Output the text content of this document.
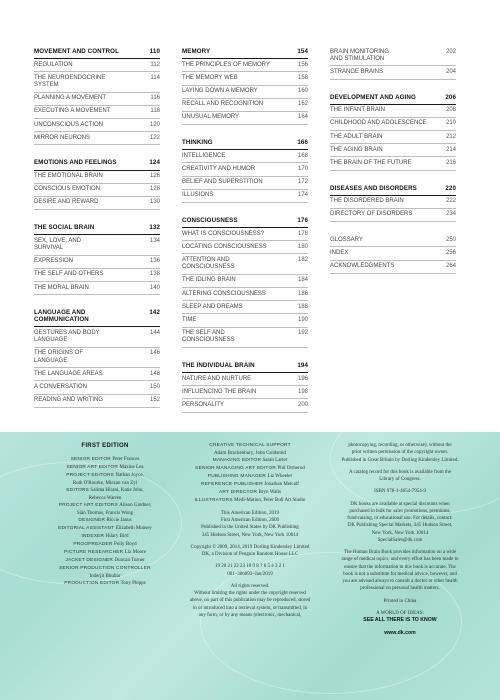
MOVEMENT AND CONTROL	110
REGULATION	112
THE NEUROENDOCRINE
SYSTEM
114
PLANNING A MOVEMENT	116
EXECUTING A MOVEMENT	118
UNCONSCIOUS ACTION	120
MIRROR NEURONS	122
EMOTIONS AND FEELINGS	124
THE EMOTIONAL BRAIN	126
CONSCIOUS EMOTION	128
DESIRE AND REWARD	130
THE SOCIAL BRAIN	132
SEX, LOVE, AND
SURVIVAL
134
EXPRESSION	136
THE SELF AND OTHERS	138
THE MORAL BRAIN	140
LANGUAGE AND
COMMUNICATION
142
GESTURES AND BODY
LANGUAGE
144
THE ORIGINS OF
LANGUAGE
146
THE LANGUAGE AREAS	148
A CONVERSATION	150
READING AND WRITING	152
MEMORY	154
THE PRINCIPLES OF MEMORY	156
THE MEMORY WEB	158
LAYING DOWN A MEMORY	160
RECALL AND RECOGNITION	162
UNUSUAL MEMORY	164
THINKING	166
INTELLIGENCE	168
CREATIVITY AND HUMOR	170
BELIEF AND SUPERSTITION	172
ILLUSIONS	174
CONSCIOUSNESS	176
WHAT IS CONSCIOUSNESS?	178
LOCATING CONSCIOUSNESS	180
ATTENTION AND
CONSCIOUSNESS
182
THE IDLING BRAIN	184
ALTERING CONSCIOUSNESS	186
SLEEP AND DREAMS	188
TIME	190
THE SELF AND
CONSCIOUSNESS
192
THE INDIVIDUAL BRAIN	194
NATURE AND NURTURE	196
INFLUENCING THE BRAIN	198
PERSONALITY	200
BRAIN MONITORING
AND STIMULATION
202
STRANGE BRAINS	204
DEVELOPMENT AND AGING	206
THE INFANT BRAIN	208
CHILDHOOD AND ADOLESCENCE	210
THE ADULT BRAIN	212
THE AGING BRAIN	214
THE BRAIN OF THE FUTURE	216
DISEASES AND DISORDERS	220
THE DISORDERED BRAIN	222
DIRECTORY OF DISORDERS	234
GLOSSARY	250
INDEX	256
ACKNOWLEDGMENTS	264
FIRST EDITION
SENIOR EDITOR Peter Frances
SENIOR ART EDITOR Maxine Lea
PROJECT EDITORS Nathan Joyce,
Ruth O'Rourke, Miezan van Zyl
EDITORS Salima Hirani, Katie John,
Rebecca Warren
PROJECT ART EDITORS Alison Gardner,
Siân Thomas, Francis Wong
DESIGNER Riccie Janus
EDITORIAL ASSISTANT Elizabeth Munsey
INDEXER Hilary Bird
PROOFREADER Polly Boyd
PICTURE RESEARCHER Liz Moore
JACKET DESIGNER Duncan Turner
SENIOR PRODUCTION CONTROLLER
Inderjit Bhullar
PRODUCTION EDITOR Tony Phipps
CREATIVE TECHNICAL SUPPORT
Adam Brackenbury, John Goldsmid
MANAGING EDITOR Sarah Larter
SENIOR MANAGING ART EDITOR Phil Ormerod
PUBLISHING MANAGER Liz Wheeler
REFERENCE PUBLISHER Jonathan Metcalf
ART DIRECTOR Bryn Walls
ILLUSTRATORS Medi-Mation, Peter Bull Art Studio
This American Edition, 2019
First American Edition, 2009
Published in the United States by DK Publishing
345 Hudson Street, New York, New York 10014
Copyright © 2009, 2014, 2019 Dorling Kindersley Limited
DK, a Division of Penguin Random House LLC
19 20 21 22 23 10 9 8 7 6 5 4 3 2 1
001–306093–Jan/2019
All rights reserved.
Without limiting the rights under the copyright reserved
above, no part of this publication may be reproduced, stored
in or introduced into a retrieval system, or transmitted, in
any form, or by any means (electronic, mechanical,
photocopying, recording, or otherwise), without the
prior written permission of the copyright owner.
Published in Great Britain by Dorling Kindersley Limited.
A catalog record for this book is available from the
Library of Congress.
ISBN 978-1-4654-7954-9
DK books are available at special discounts when
purchased in bulk for sales promotions, premiums,
fund-raising, or educational use. For details, contact:
DK Publishing Special Markets, 345 Hudson Street,
New York, New York 10014
SpecialSales@dk.com
The Human Brain Book provides information on a wide
range of medical topics, and every effort has been made to
ensure that the information in this book is accurate. The
book is not a substitute for medical advice, however, and
you are advised always to consult a doctor or other health
professional on personal health matters.
Printed in China
A WORLD OF IDEAS:
SEE ALL THERE IS TO KNOW
www.dk.com
